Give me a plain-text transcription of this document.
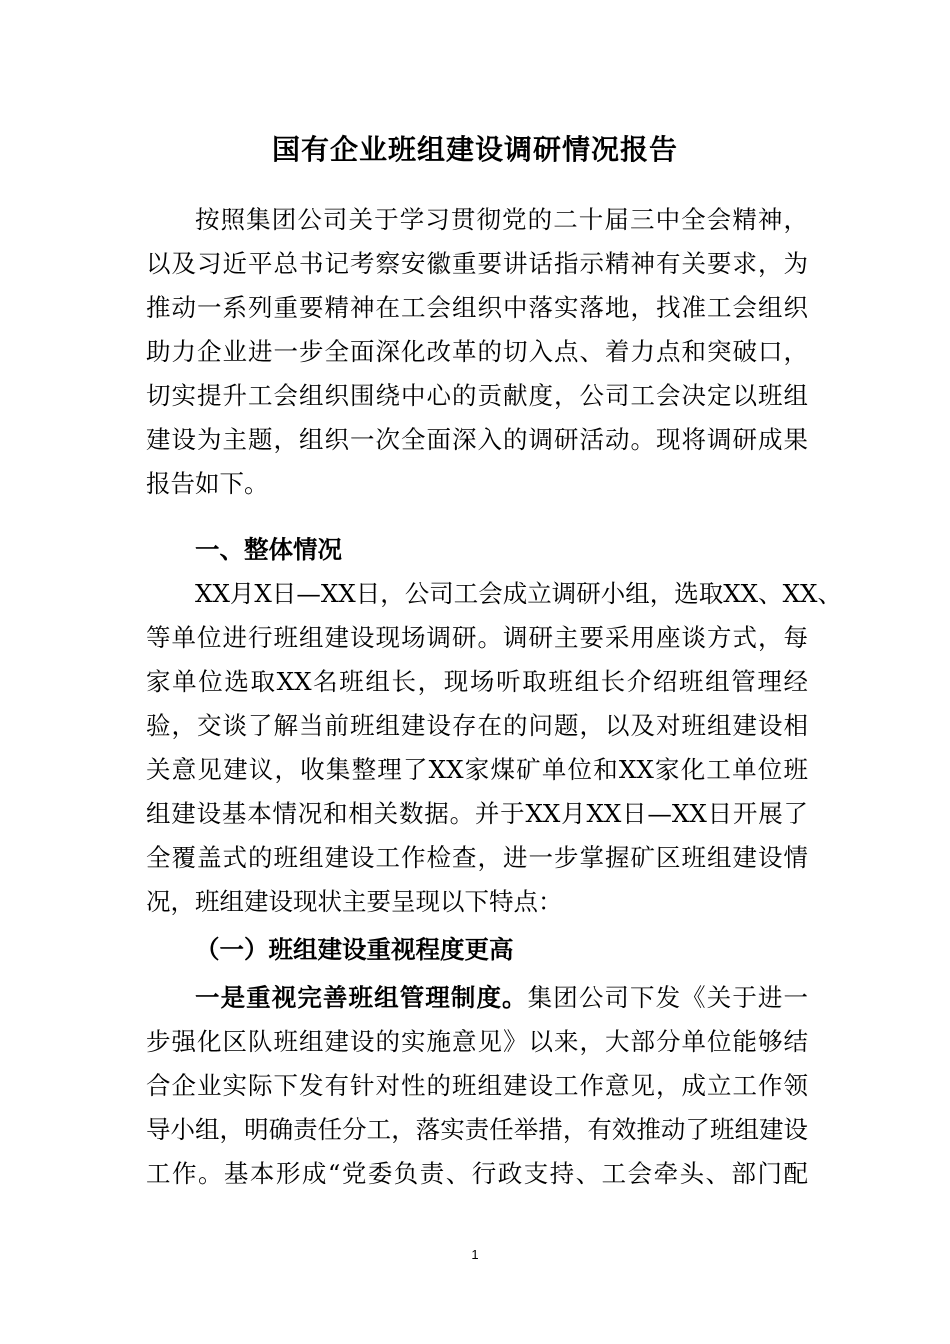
国有企业班组建设调研情况报告
按照集团公司关于学习贯彻党的二十届三中全会精神，
以及习近平总书记考察安徽重要讲话指示精神有关要求，为
推动一系列重要精神在工会组织中落实落地，找准工会组织
助力企业进一步全面深化改革的切入点、着力点和突破口，
切实提升工会组织围绕中心的贡献度，公司工会决定以班组
建设为主题，组织一次全面深入的调研活动。现将调研成果
报告如下。
一、整体情况
XX月X日—XX日，公司工会成立调研小组，选取XX、XX、
等单位进行班组建设现场调研。调研主要采用座谈方式，每
家单位选取XX名班组长，现场听取班组长介绍班组管理经
验，交谈了解当前班组建设存在的问题，以及对班组建设相
关意见建议，收集整理了XX家煤矿单位和XX家化工单位班
组建设基本情况和相关数据。并于XX月XX日—XX日开展了
全覆盖式的班组建设工作检查，进一步掌握矿区班组建设情
况，班组建设现状主要呈现以下特点：
（一）班组建设重视程度更高
一是重视完善班组管理制度。集团公司下发《关于进一
步强化区队班组建设的实施意见》以来，大部分单位能够结
合企业实际下发有针对性的班组建设工作意见，成立工作领
导小组，明确责任分工，落实责任举措，有效推动了班组建设
工作。基本形成“党委负责、行政支持、工会牵头、部门配
1
